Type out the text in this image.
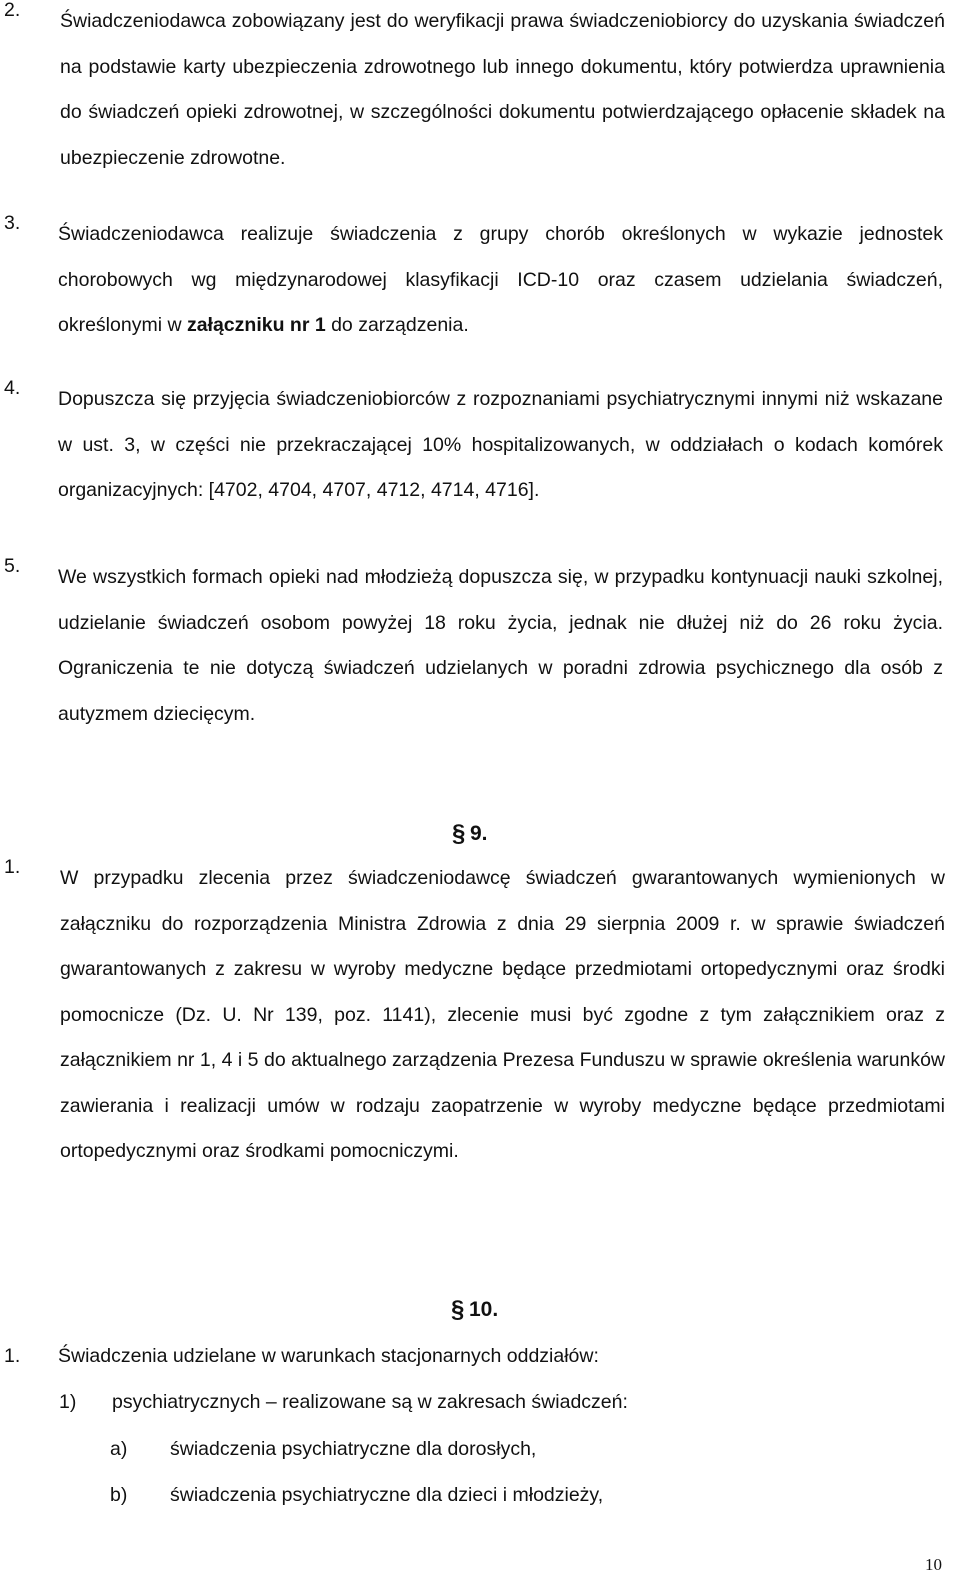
2. Świadczeniodawca zobowiązany jest do weryfikacji prawa świadczeniobiorcy do uzyskania świadczeń na podstawie karty ubezpieczenia zdrowotnego lub innego dokumentu, który potwierdza uprawnienia do świadczeń opieki zdrowotnej, w szczególności dokumentu potwierdzającego opłacenie składek na ubezpieczenie zdrowotne.
3. Świadczeniodawca realizuje świadczenia z grupy chorób określonych w wykazie jednostek chorobowych wg międzynarodowej klasyfikacji ICD-10 oraz czasem udzielania świadczeń, określonymi w załączniku nr 1 do zarządzenia.
4. Dopuszcza się przyjęcia świadczeniobiorców z rozpoznaniami psychiatrycznymi innymi niż wskazane w ust. 3, w części nie przekraczającej 10% hospitalizowanych, w oddziałach o kodach komórek organizacyjnych: [4702, 4704, 4707, 4712, 4714, 4716].
5. We wszystkich formach opieki nad młodzieżą dopuszcza się, w przypadku kontynuacji nauki szkolnej, udzielanie świadczeń osobom powyżej 18 roku życia, jednak nie dłużej niż do 26 roku życia. Ograniczenia te nie dotyczą świadczeń udzielanych w poradni zdrowia psychicznego dla osób z autyzmem dziecięcym.
§ 9.
1. W przypadku zlecenia przez świadczeniodawcę świadczeń gwarantowanych wymienionych w załączniku do rozporządzenia Ministra Zdrowia z dnia 29 sierpnia 2009 r. w sprawie świadczeń gwarantowanych z zakresu w wyroby medyczne będące przedmiotami ortopedycznymi oraz środki pomocnicze (Dz. U. Nr 139, poz. 1141), zlecenie musi być zgodne z tym załącznikiem oraz z załącznikiem nr 1, 4 i 5 do aktualnego zarządzenia Prezesa Funduszu w sprawie określenia warunków zawierania i realizacji umów w rodzaju zaopatrzenie w wyroby medyczne będące przedmiotami ortopedycznymi oraz środkami pomocniczymi.
§ 10.
1. Świadczenia udzielane w warunkach stacjonarnych oddziałów:
1) psychiatrycznych – realizowane są w zakresach świadczeń:
a) świadczenia psychiatryczne dla dorosłych,
b) świadczenia psychiatryczne dla dzieci i młodzieży,
10
